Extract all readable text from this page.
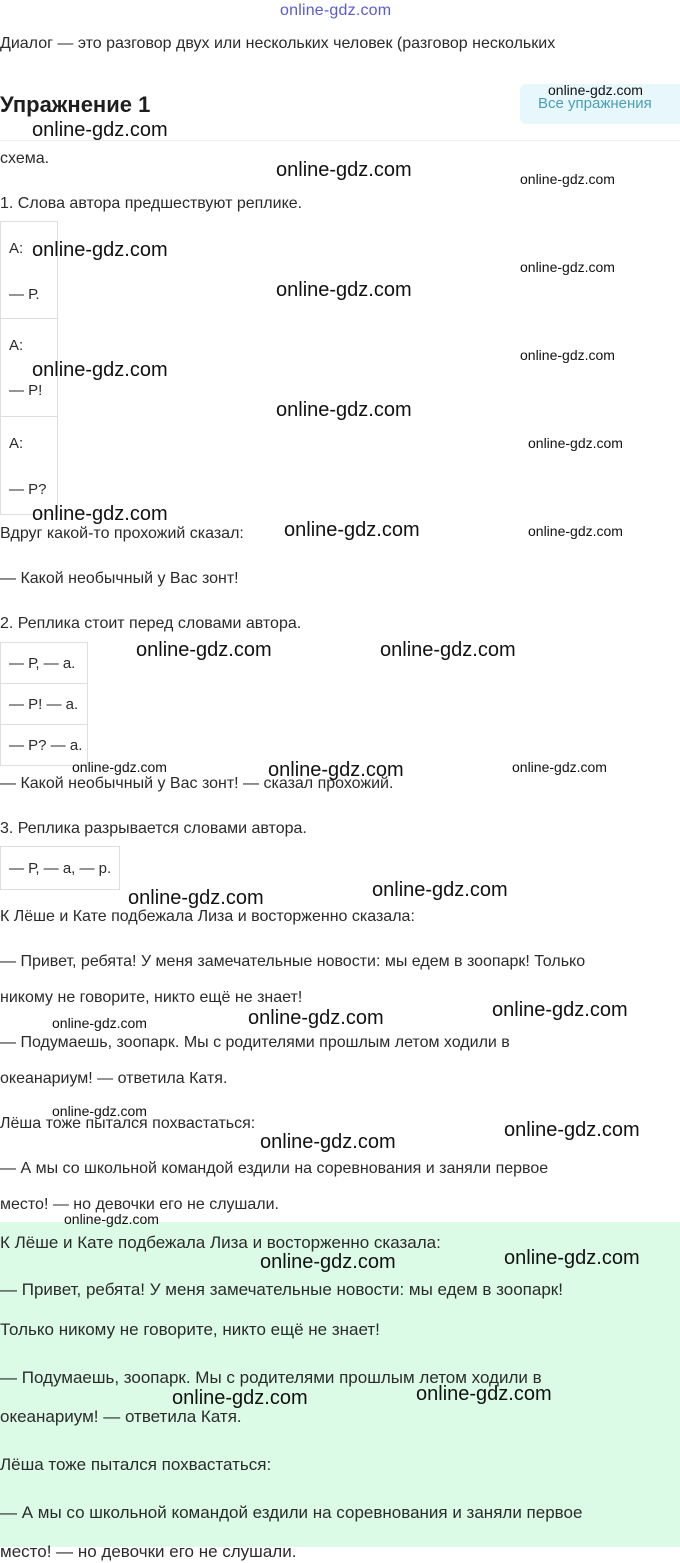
online-gdz.com
Диалог — это разговор двух или нескольких человек (разговор нескольких
Упражнение 1	Все упражнения
схема.
1. Слова автора предшествуют реплике.
А:
— Р.
А:
— Р!
А:
— Р?
Вдруг какой-то прохожий сказал:
— Какой необычный у Вас зонт!
2. Реплика стоит перед словами автора.
— Р, — а.
— Р! — а.
— Р? — а.
— Какой необычный у Вас зонт! — сказал прохожий.
3. Реплика разрывается словами автора.
— Р, — а, — р.
К Лёше и Кате подбежала Лиза и восторженно сказала:
— Привет, ребята! У меня замечательные новости: мы едем в зоопарк! Только
никому не говорите, никто ещё не знает!
— Подумаешь, зоопарк. Мы с родителями прошлым летом ходили в
океанариум! — ответила Катя.
Лёша тоже пытался похвастаться:
— А мы со школьной командой ездили на соревнования и заняли первое
место! — но девочки его не слушали.
К Лёше и Кате подбежала Лиза и восторженно сказала:
— Привет, ребята! У меня замечательные новости: мы едем в зоопарк!
Только никому не говорите, никто ещё не знает!
— Подумаешь, зоопарк. Мы с родителями прошлым летом ходили в
океанариум! — ответила Катя.
Лёша тоже пытался похвастаться:
— А мы со школьной командой ездили на соревнования и заняли первое
место! — но девочки его не слушали.
online-gdz.com
online-gdz.com
online-gdz.com	online-gdz.com
online-gdz.com
online-gdz.com
online-gdz.com
online-gdz.com
online-gdz.com
online-gdz.com
online-gdz.com
online-gdz.com
online-gdz.com	online-gdz.com
online-gdz.com	online-gdz.com
online-gdz.com	online-gdz.com	online-gdz.com
online-gdz.com
online-gdz.com
online-gdz.com
online-gdz.com
online-gdz.com
online-gdz.com
online-gdz.com
online-gdz.com
online-gdz.com
online-gdz.com
online-gdz.com
online-gdz.com
online-gdz.com
